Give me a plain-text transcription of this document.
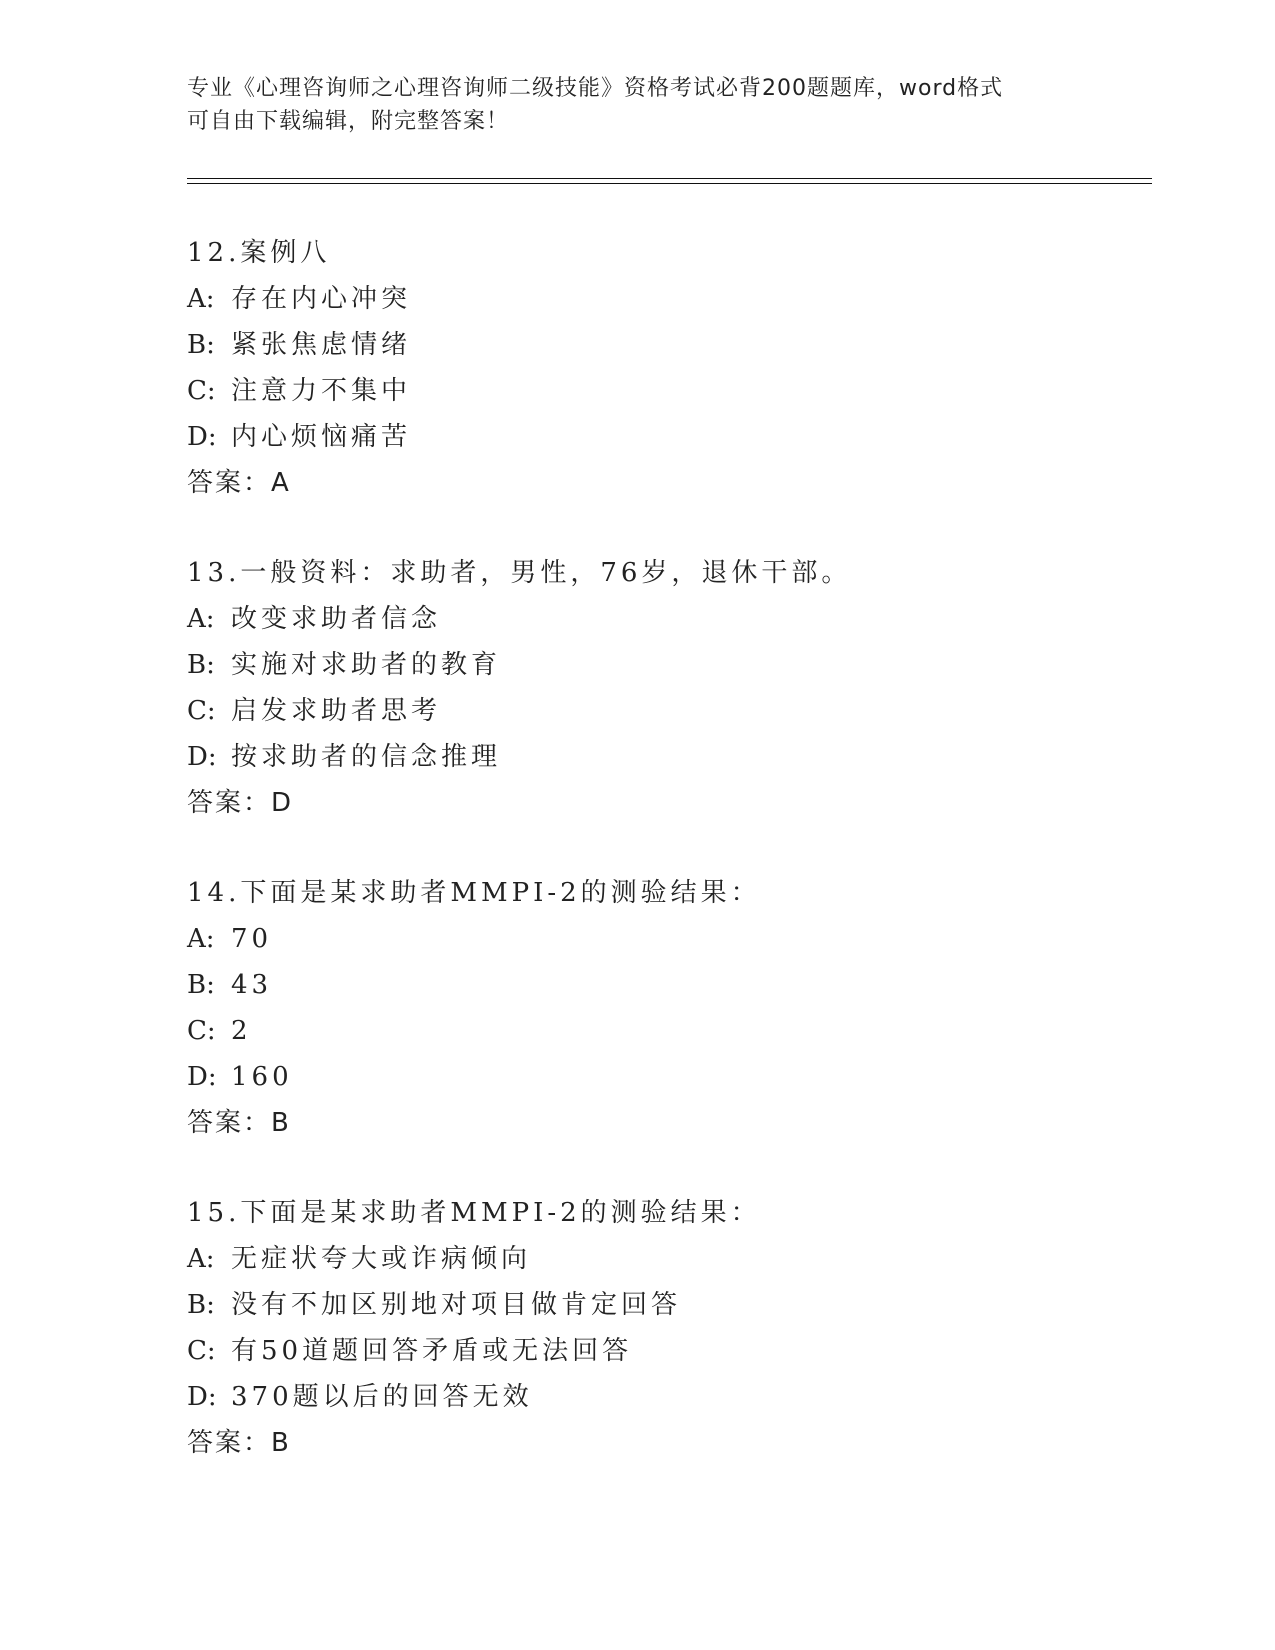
专业《心理咨询师之心理咨询师二级技能》资格考试必背200题题库，word格式
可自由下载编辑，附完整答案！
12.案例八
A: 存在内心冲突
B: 紧张焦虑情绪
C: 注意力不集中
D: 内心烦恼痛苦
答案：A
13.一般资料：求助者，男性，76岁，退休干部。
A: 改变求助者信念
B: 实施对求助者的教育
C: 启发求助者思考
D: 按求助者的信念推理
答案：D
14.下面是某求助者MMPI-2的测验结果：
A: 70
B: 43
C: 2
D: 160
答案：B
15.下面是某求助者MMPI-2的测验结果：
A: 无症状夸大或诈病倾向
B: 没有不加区别地对项目做肯定回答
C: 有50道题回答矛盾或无法回答
D: 370题以后的回答无效
答案：B
